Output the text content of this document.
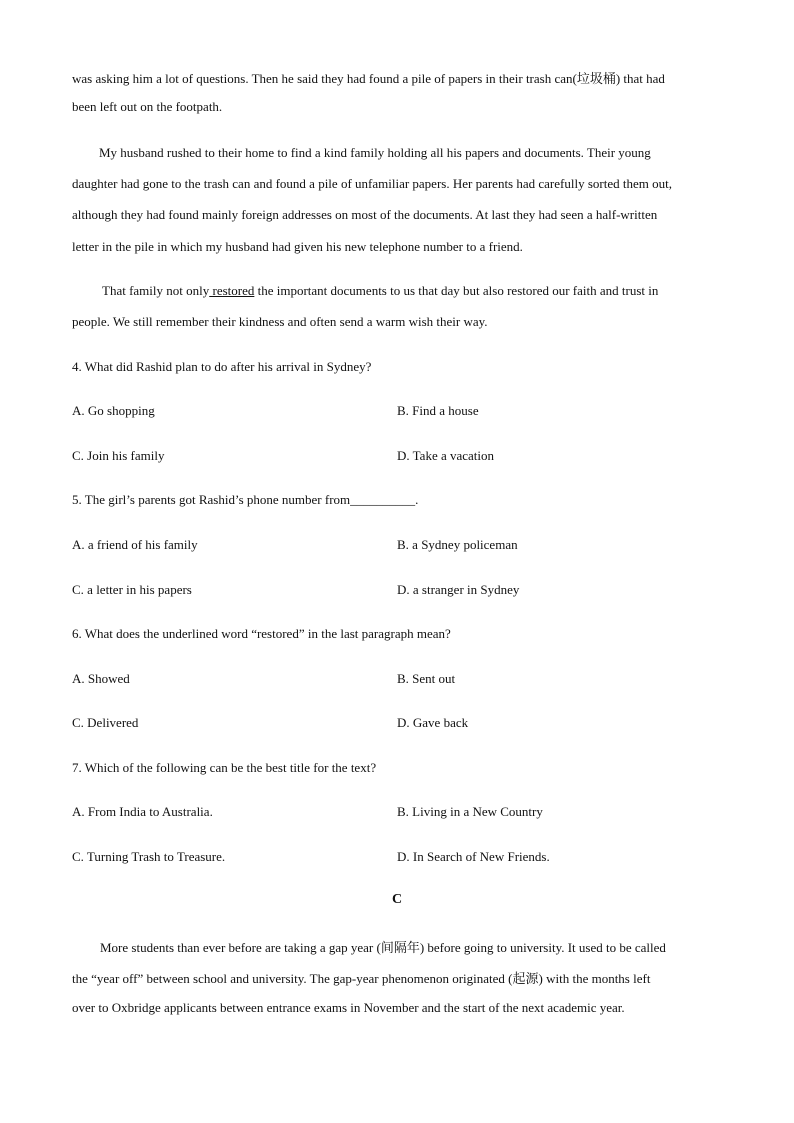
was asking him a lot of questions. Then he said they had found a pile of papers in their trash can(垃圾桶) that had
been left out on the footpath.
My husband rushed to their home to find a kind family holding all his papers and documents. Their young
daughter had gone to the trash can and found a pile of unfamiliar papers. Her parents had carefully sorted them out,
although they had found mainly foreign addresses on most of the documents. At last they had seen a half-written
letter in the pile in which my husband had given his new telephone number to a friend.
That family not only restored the important documents to us that day but also restored our faith and trust in
people. We still remember their kindness and often send a warm wish their way.
4. What did Rashid plan to do after his arrival in Sydney?
A. Go shopping	B. Find a house
C. Join his family	D. Take a vacation
5. The girl’s parents got Rashid’s phone number from__________.
A. a friend of his family	B. a Sydney policeman
C. a letter in his papers	D. a stranger in Sydney
6. What does the underlined word “restored” in the last paragraph mean?
A. Showed	B. Sent out
C. Delivered	D. Gave back
7. Which of the following can be the best title for the text?
A. From India to Australia.	B. Living in a New Country
C. Turning Trash to Treasure.	D. In Search of New Friends.
C
More students than ever before are taking a gap year (间隔年) before going to university. It used to be called
the “year off” between school and university. The gap-year phenomenon originated (起源) with the months left
over to Oxbridge applicants between entrance exams in November and the start of the next academic year.
